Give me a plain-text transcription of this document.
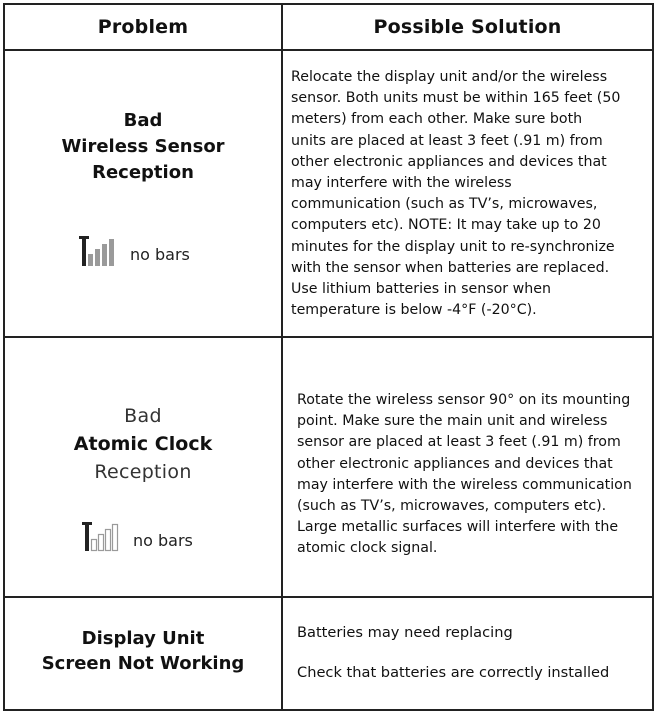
Problem	Possible Solution
Bad
Wireless Sensor
Reception
no bars
Relocate the display unit and/or the wireless
sensor. Both units must be within 165 feet (50
meters) from each other. Make sure both
units are placed at least 3 feet (.91 m) from
other electronic appliances and devices that
may interfere with the wireless
communication (such as TV’s, microwaves,
computers etc). NOTE: It may take up to 20
minutes for the display unit to re-synchronize
with the sensor when batteries are replaced.
Use lithium batteries in sensor when
temperature is below -4°F (-20°C).
Bad
Atomic Clock
Reception
no bars
Rotate the wireless sensor 90° on its mounting
point. Make sure the main unit and wireless
sensor are placed at least 3 feet (.91 m) from
other electronic appliances and devices that
may interfere with the wireless communication
(such as TV’s, microwaves, computers etc).
Large metallic surfaces will interfere with the
atomic clock signal.
Display Unit
Screen Not Working
Batteries may need replacing
Check that batteries are correctly installed
